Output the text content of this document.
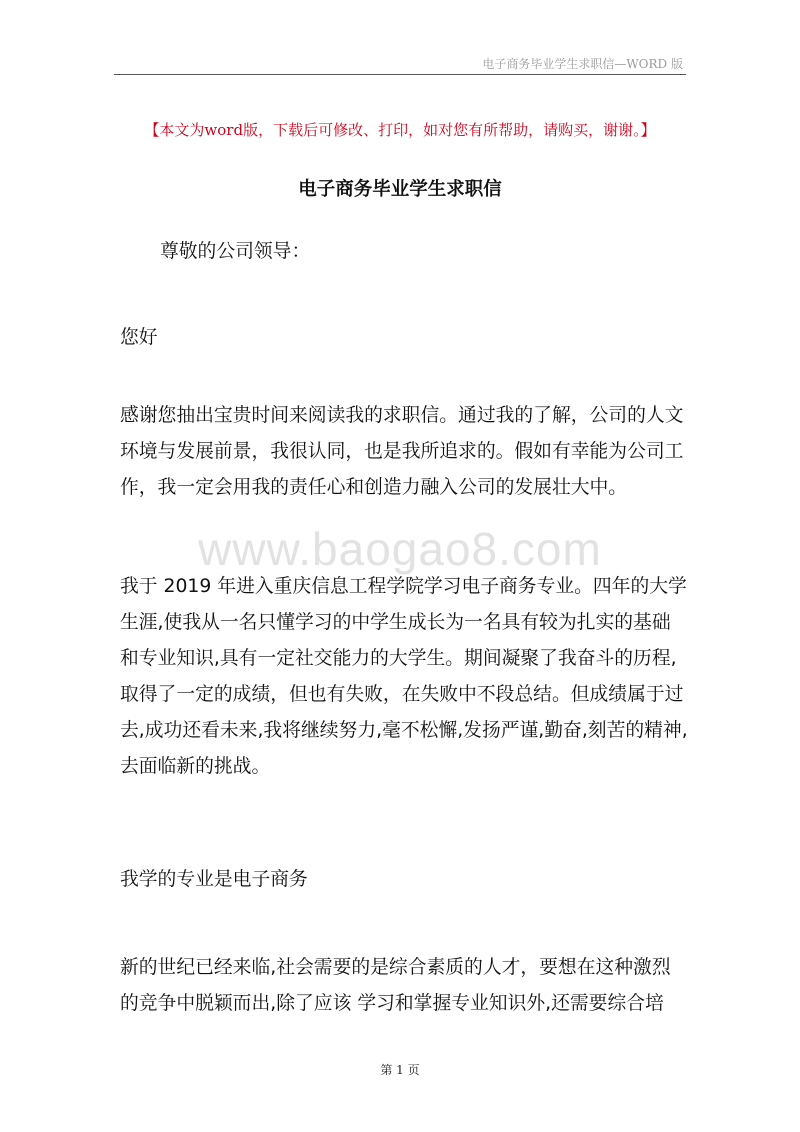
电子商务毕业学生求职信—WORD 版
【本文为word版，下载后可修改、打印，如对您有所帮助，请购买，谢谢。】
电子商务毕业学生求职信
尊敬的公司领导：
您好
感谢您抽出宝贵时间来阅读我的求职信。通过我的了解，公司的人文
环境与发展前景，我很认同，也是我所追求的。假如有幸能为公司工
作，我一定会用我的责任心和创造力融入公司的发展壮大中。
www.baogao8.com
我于 2019 年进入重庆信息工程学院学习电子商务专业。四年的大学
生涯,使我从一名只懂学习的中学生成长为一名具有较为扎实的基础
和专业知识,具有一定社交能力的大学生。期间凝聚了我奋斗的历程,
取得了一定的成绩，但也有失败，在失败中不段总结。但成绩属于过
去,成功还看未来,我将继续努力,毫不松懈,发扬严谨,勤奋,刻苦的精神,
去面临新的挑战。
我学的专业是电子商务
新的世纪已经来临,社会需要的是综合素质的人才，要想在这种激烈
的竞争中脱颖而出,除了应该 学习和掌握专业知识外,还需要综合培
第 1 页
